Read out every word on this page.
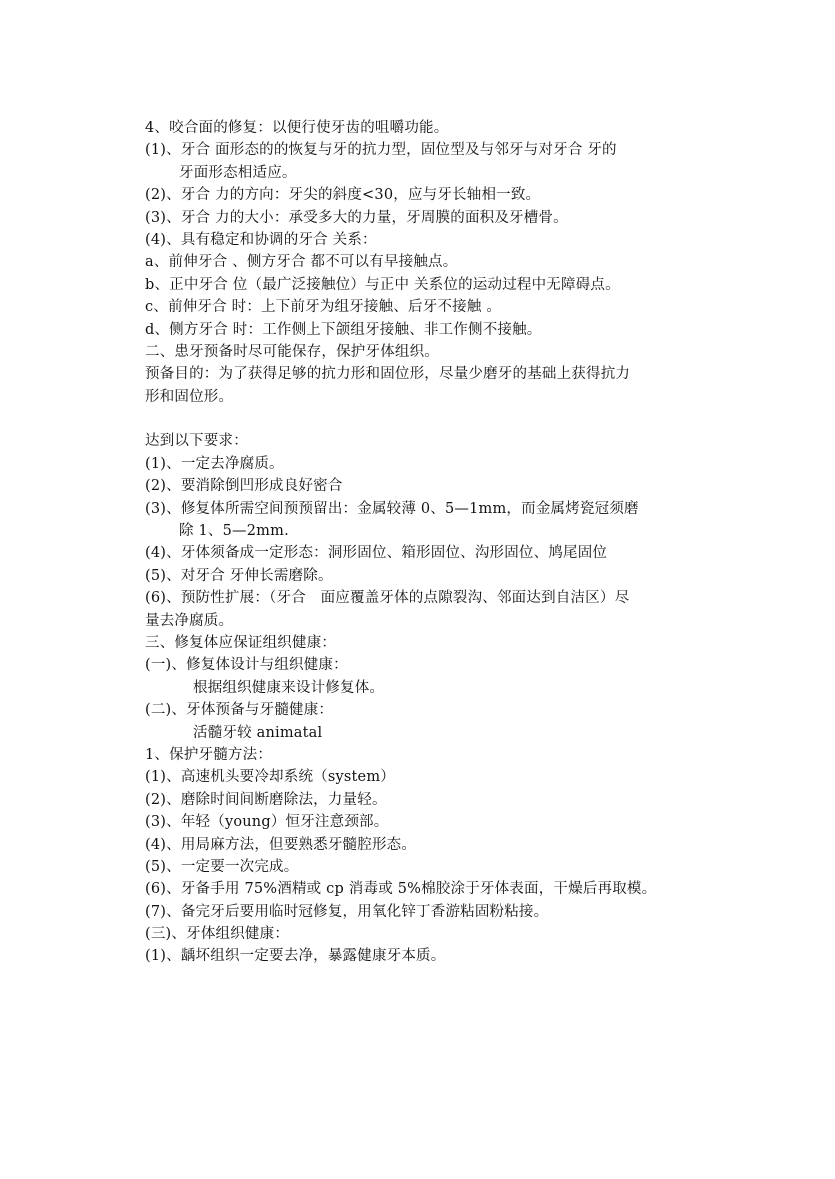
4、咬合面的修复：以便行使牙齿的咀嚼功能。
(1)、牙合 面形态的的恢复与牙的抗力型，固位型及与邻牙与对牙合 牙的
牙面形态相适应。
(2)、牙合 力的方向：牙尖的斜度<30，应与牙长轴相一致。
(3)、牙合 力的大小：承受多大的力量，牙周膜的面积及牙槽骨。
(4)、具有稳定和协调的牙合 关系：
a、前伸牙合 、侧方牙合 都不可以有早接触点。
b、正中牙合 位（最广泛接触位）与正中 关系位的运动过程中无障碍点。
c、前伸牙合 时：上下前牙为组牙接触、后牙不接触 。
d、侧方牙合 时：工作侧上下颌组牙接触、非工作侧不接触。
二、患牙预备时尽可能保存，保护牙体组织。
预备目的：为了获得足够的抗力形和固位形，尽量少磨牙的基础上获得抗力
形和固位形。
达到以下要求：
(1)、一定去净腐质。
(2)、要消除倒凹形成良好密合
(3)、修复体所需空间预预留出：金属较薄 0、5—1mm，而金属烤瓷冠须磨
除 1、5—2mm.
(4)、牙体须备成一定形态：洞形固位、箱形固位、沟形固位、鸠尾固位
(5)、对牙合 牙伸长需磨除。
(6)、预防性扩展：（牙合　面应覆盖牙体的点隙裂沟、邻面达到自洁区）尽
量去净腐质。
三、修复体应保证组织健康：
(一)、修复体设计与组织健康：
根据组织健康来设计修复体。
(二)、牙体预备与牙髓健康：
活髓牙较 animatal
1、保护牙髓方法：
(1)、高速机头要冷却系统（system）
(2)、磨除时间间断磨除法，力量轻。
(3)、年轻（young）恒牙注意颈部。
(4)、用局麻方法，但要熟悉牙髓腔形态。
(5)、一定要一次完成。
(6)、牙备手用 75%酒精或 cp 消毒或 5%棉胶涂于牙体表面，干燥后再取模。
(7)、备完牙后要用临时冠修复，用氧化锌丁香游粘固粉粘接。
(三)、牙体组织健康：
(1)、龋坏组织一定要去净，暴露健康牙本质。
